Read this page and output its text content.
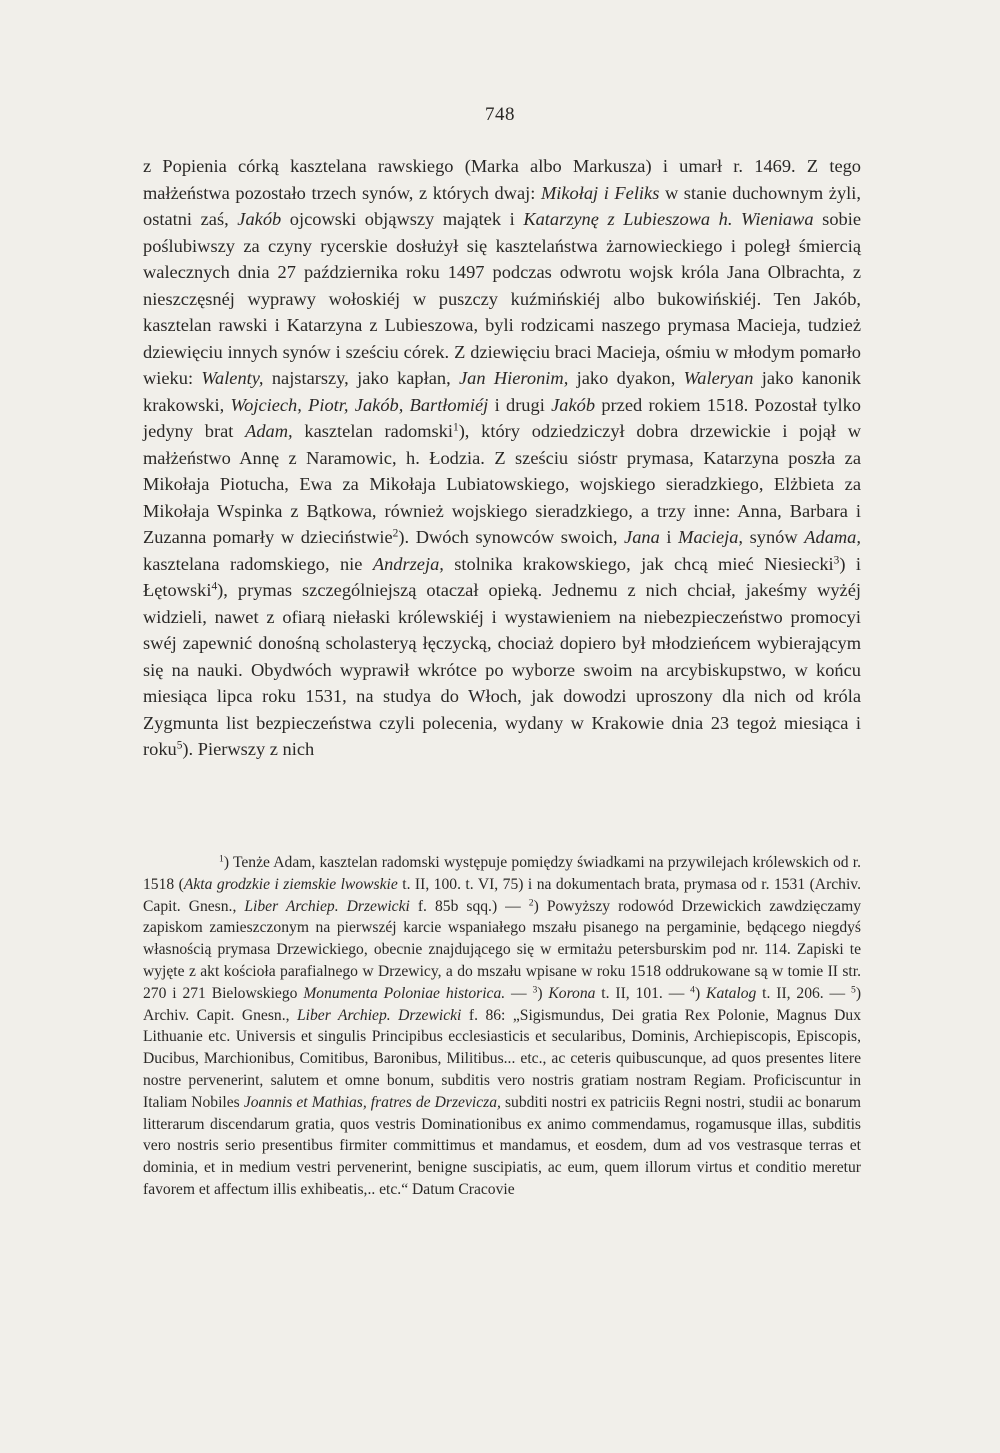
748

z Popienia córką kasztelana rawskiego (Marka albo Markusza) i umarł r. 1469. Z tego małżeństwa pozostało trzech synów, z których dwaj: Mikołaj i Feliks w stanie duchownym żyli, ostatni zaś, Jakób ojcowski objąwszy majątek i Katarzynę z Lubieszowa h. Wieniawa sobie poślubiwszy za czyny rycerskie dosłużył się kasztelaństwa żarnowieckiego i poległ śmiercią walecznych dnia 27 października roku 1497 podczas odwrotu wojsk króla Jana Olbrachta, z nieszczęsnéj wyprawy wołoskiéj w puszczy kuźmińskiéj albo bukowińskiéj. Ten Jakób, kasztelan rawski i Katarzyna z Lubieszowa, byli rodzicami naszego prymasa Macieja, tudzież dziewięciu innych synów i sześciu córek. Z dziewięciu braci Macieja, ośmiu w młodym pomarło wieku: Walenty, najstarszy, jako kapłan, Jan Hieronim, jako dyakon, Waleryan jako kanonik krakowski, Wojciech, Piotr, Jakób, Bartłomiéj i drugi Jakób przed rokiem 1518. Pozostał tylko jedyny brat Adam, kasztelan radomski$^1$), który odziedziczył dobra drzewickie i pojął w małżeństwo Annę z Naramowic, h. Łodzia. Z sześciu sióstr prymasa, Katarzyna poszła za Mikołaja Piotucha, Ewa za Mikołaja Lubiatowskiego, wojskiego sieradzkiego, Elżbieta za Mikołaja Wspinka z Bątkowa, również wojskiego sieradzkiego, a trzy inne: Anna, Barbara i Zuzanna pomarły w dzieciństwie$^2$). Dwóch synowców swoich, Jana i Macieja, synów Adama, kasztelana radomskiego, nie Andrzeja, stolnika krakowskiego, jak chcą mieć Niesiecki$^3$) i Łętowski$^4$), prymas szczególniejszą otaczał opieką. Jednemu z nich chciał, jakeśmy wyżéj widzieli, nawet z ofiarą niełaski królewskiéj i wystawieniem na niebezpieczeństwo promocyi swéj zapewnić donośną scholasteryą łęczycką, chociaż dopiero był młodzieńcem wybierającym się na nauki. Obydwóch wyprawił wkrótce po wyborze swoim na arcybiskupstwo, w końcu miesiąca lipca roku 1531, na studya do Włoch, jak dowodzi uproszony dla nich od króla Zygmunta list bezpieczeństwa czyli polecenia, wydany w Krakowie dnia 23 tegoż miesiąca i roku$^5$). Pierwszy z nich

$^1$) Tenże Adam, kasztelan radomski występuje pomiędzy świadkami na przywilejach królewskich od r. 1518 (Akta grodzkie i ziemskie lwowskie t. II, 100. t. VI, 75) i na dokumentach brata, prymasa od r. 1531 (Archiv. Capit. Gnesn., Liber Archiep. Drzewicki f. 85b sqq.) — $^2$) Powyższy rodowód Drzewickich zawdzięczamy zapiskom zamieszczonym na pierwszéj karcie wspaniałego mszału pisanego na pergaminie, będącego niegdyś własnością prymasa Drzewickiego, obecnie znajdującego się w ermitażu petersburskim pod nr. 114. Zapiski te wyjęte z akt kościoła parafialnego w Drzewicy, a do mszału wpisane w roku 1518 oddrukowane są w tomie II str. 270 i 271 Bielowskiego Monumenta Poloniae historica. — $^3$) Korona t. II, 101. — $^4$) Katalog t. II, 206. — $^5$) Archiv. Capit. Gnesn., Liber Archiep. Drzewicki f. 86: „Sigismundus, Dei gratia Rex Polonie, Magnus Dux Lithuanie etc. Universis et singulis Principibus ecclesiasticis et secularibus, Dominis, Archiepiscopis, Episcopis, Ducibus, Marchionibus, Comitibus, Baronibus, Militibus... etc., ac ceteris quibuscunque, ad quos presentes litere nostre pervenerint, salutem et omne bonum, subditis vero nostris gratiam nostram Regiam. Proficiscuntur in Italiam Nobiles Joannis et Mathias, fratres de Drzevicza, subditi nostri ex patriciis Regni nostri, studii ac bonarum litterarum discendarum gratia, quos vestris Dominationibus ex animo commendamus, rogamusque illas, subditis vero nostris serio presentibus firmiter committimus et mandamus, et eosdem, dum ad vos vestrasque terras et dominia, et in medium vestri pervenerint, benigne suscipiatis, ac eum, quem illorum virtus et conditio meretur favorem et affectum illis exhibeatis,.. etc.“ Datum Cracovie
